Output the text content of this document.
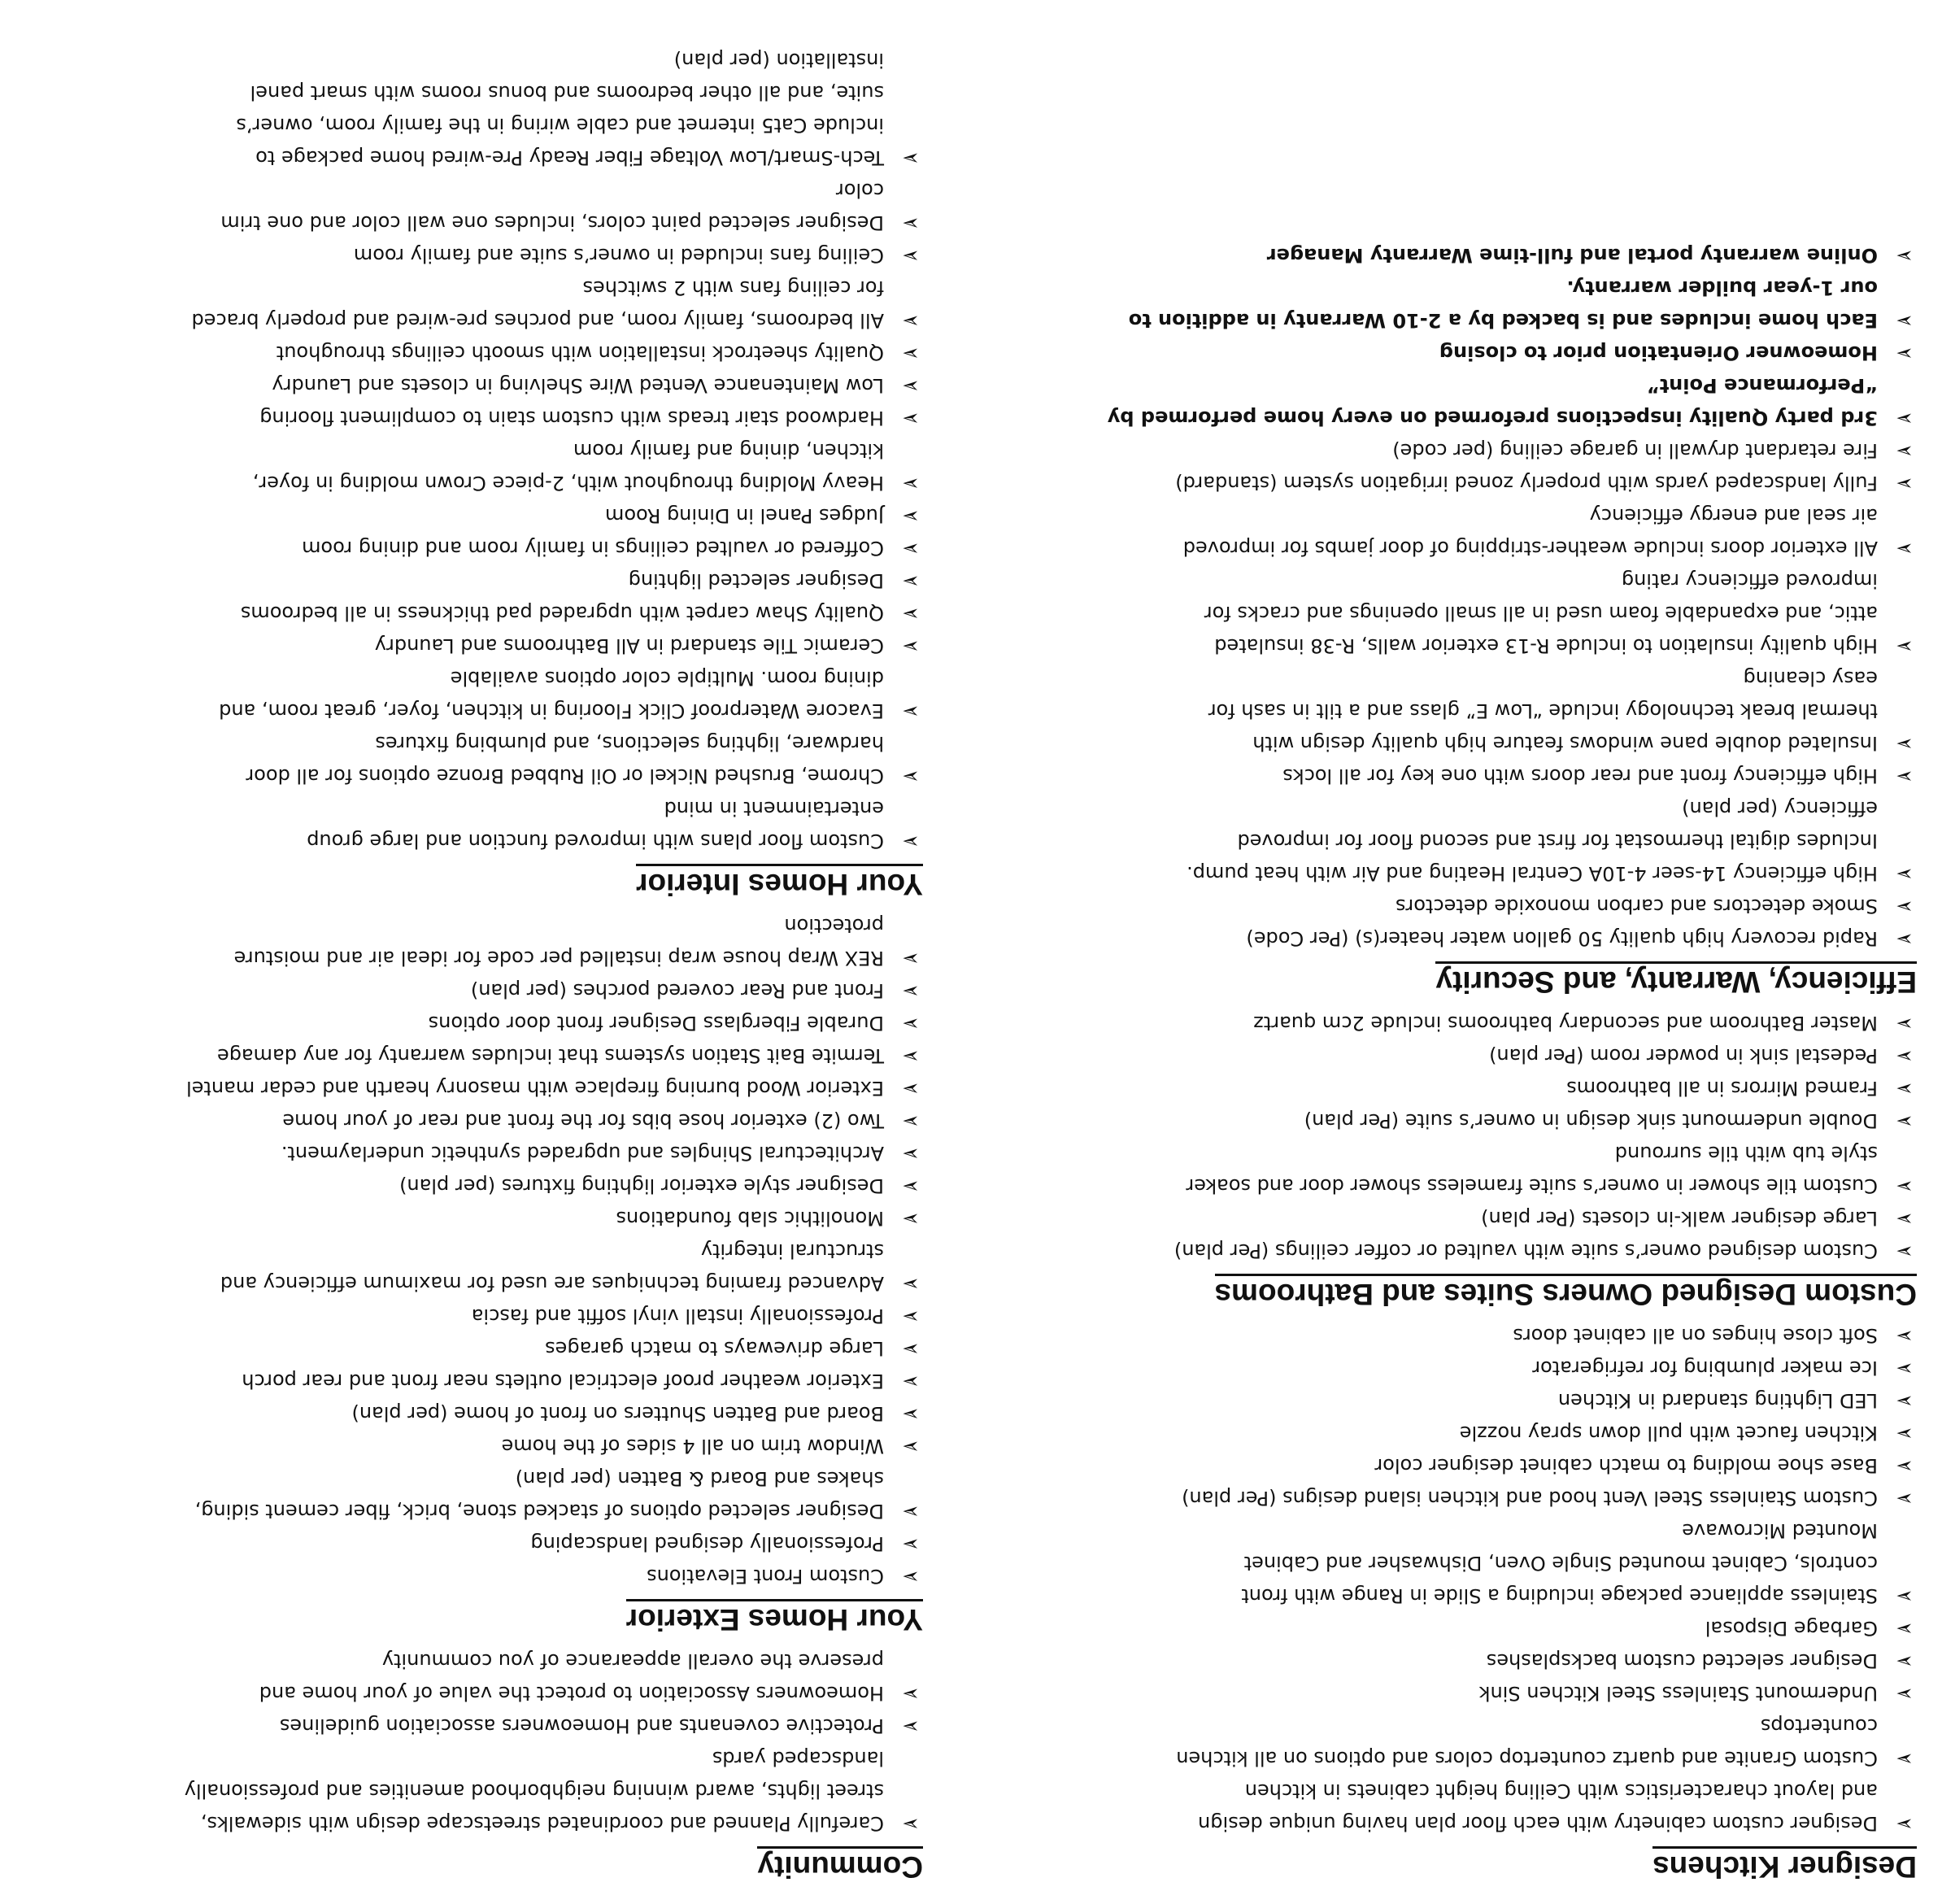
Designer Kitchens
➢
Designer custom cabinetry with each floor plan having unique design
and layout characteristics with Ceiling height cabinets in kitchen
➢
Custom Granite and quartz countertop colors and options on all kitchen
countertops
➢
Undermount Stainless Steel Kitchen Sink
➢
Designer selected custom backsplashes
➢
Garbage Disposal
➢
Stainless appliance package including a Slide in Range with front
controls, Cabinet mounted Single Oven, Dishwasher and Cabinet
Mounted Microwave
➢
Custom Stainless Steel Vent hood and kitchen island designs (Per plan)
➢
Base shoe molding to match cabinet designer color
➢
Kitchen faucet with pull down spray nozzle
➢
LED Lighting standard in Kitchen
➢
Ice maker plumbing for refrigerator
➢
Soft close hinges on all cabinet doors
Custom Designed Owners Suites and Bathrooms
➢
Custom designed owner’s suite with vaulted or coffer ceilings (Per plan)
➢
Large designer walk-in closets (Per plan)
➢
Custom tile shower in owner’s suite frameless shower door and soaker
style tub with tile surround
➢
Double undermount sink design in owner’s suite (Per plan)
➢
Framed Mirrors in all bathrooms
➢
Pedestal sink in powder room (Per plan)
➢
Master Bathroom and secondary bathrooms include 2cm quartz
Efficiency, Warranty, and Security
➢
Rapid recovery high quality 50 gallon water heater(s) (Per Code)
➢
Smoke detectors and carbon monoxide detectors
➢
High efficiency 14-seer 4-10A Central Heating and Air with heat pump.
Includes digital thermostat for first and second floor for improved
efficiency (per plan)
➢
High efficiency front and rear doors with one key for all locks
➢
Insulated double pane windows feature high quality design with
thermal break technology include “Low E” glass and a tilt in sash for
easy cleaning
➢
High quality insulation to include R-13 exterior walls, R-38 insulated
attic, and expandable foam used in all small openings and cracks for
improved efficiency rating
➢
All exterior doors include weather-stripping of door jambs for improved
air seal and energy efficiency
➢
Fully landscaped yards with properly zoned irrigation system (standard)
➢
Fire retardant drywall in garage ceiling (per code)
➢
3rd party Quality inspections preformed on every home performed by
“Performance Point”
➢
Homeowner Orientation prior to closing
➢
Each home includes and is backed by a 2-10 Warranty in addition to
our 1-year builder warranty.
➢
Online warranty portal and full-time Warranty Manager
Community
➢
Carefully Planned and coordinated streetscape design with sidewalks,
street lights, award winning neighborhood amenities and professionally
landscaped yards
➢
Protective covenants and Homeowners association guidelines
➢
Homeowners Association to protect the value of your home and
preserve the overall appearance of you community
Your Homes Exterior
➢
Custom Front Elevations
➢
Professionally designed landscaping
➢
Designer selected options of stacked stone, brick, fiber cement siding,
shakes and Board & Batten (per plan)
➢
Window trim on all 4 sides of the home
➢
Board and Batten Shutters on front of home (per plan)
➢
Exterior weather proof electrical outlets near front and rear porch
➢
Large driveways to match garages
➢
Professionally install vinyl soffit and fascia
➢
Advanced framing techniques are used for maximum efficiency and
structural integrity
➢
Monolithic slab foundations
➢
Designer style exterior lighting fixtures (per plan)
➢
Architectural Shingles and upgraded synthetic underlayment.
➢
Two (2) exterior hose bibs for the front and rear of your home
➢
Exterior Wood burning fireplace with masonry hearth and cedar mantel
➢
Termite Bait Station systems that includes warranty for any damage
➢
Durable Fiberglass Designer front door options
➢
Front and Rear covered porches (per plan)
➢
REX Wrap house wrap installed per code for ideal air and moisture
protection
Your Homes Interior
➢
Custom floor plans with improved function and large group
entertainment in mind
➢
Chrome, Brushed Nickel or Oil Rubbed Bronze options for all door
hardware, lighting selections, and plumbing fixtures
➢
Evacore Waterproof Click Flooring in kitchen, foyer, great room, and
dining room. Multiple color options available
➢
Ceramic Tile standard in All Bathrooms and Laundry
➢
Quality Shaw carpet with upgraded pad thickness in all bedrooms
➢
Designer selected lighting
➢
Coffered or vaulted ceilings in family room and dining room
➢
Judges Panel in Dining Room
➢
Heavy Molding throughout with, 2-piece Crown molding in foyer,
kitchen, dining and family room
➢
Hardwood stair treads with custom stain to compliment flooring
➢
Low Maintenance Vented Wire Shelving in closets and Laundry
➢
Quality sheetrock installation with smooth ceilings throughout
➢
All bedrooms, family room, and porches pre-wired and properly braced
for ceiling fans with 2 switches
➢
Ceiling fans included in owner’s suite and family room
➢
Designer selected paint colors, includes one wall color and one trim
color
➢
Tech-Smart/Low Voltage Fiber Ready Pre-wired home package to
include Cat5 internet and cable wiring in the family room, owner’s
suite, and all other bedrooms and bonus rooms with smart panel
installation (per plan)
